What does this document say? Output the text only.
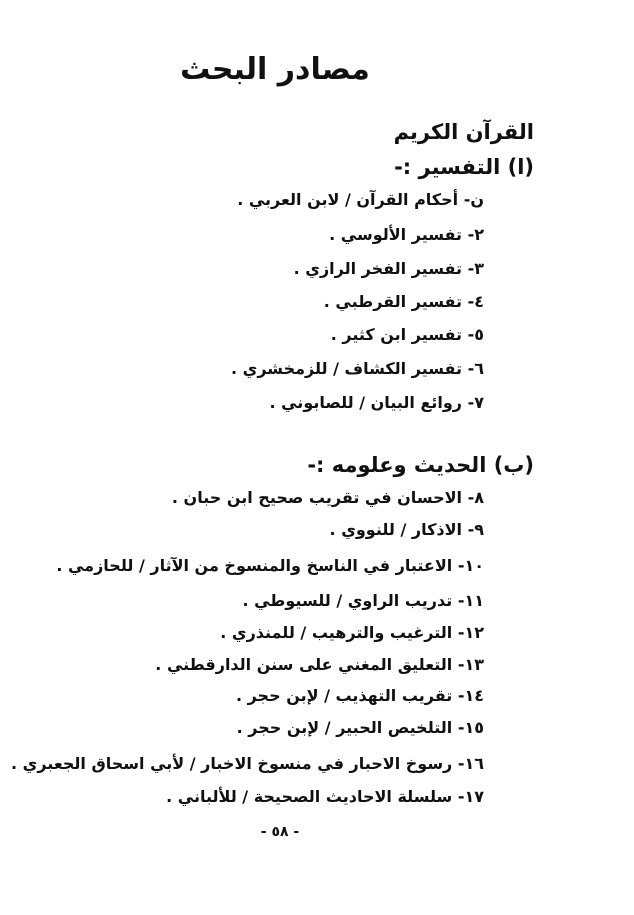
مصادر البحث
القرآن الكريم
(ا) التفسير :-
ن- أحكام القرآن / لابن العربي .
٢- تفسير الألوسي .
٣- تفسير الفخر الرازي .
٤- تفسير القرطبي .
٥- تفسير ابن كثير .
٦- تفسير الكشاف / للزمخشري .
٧- روائع البيان / للصابوني .
(ب) الحديث وعلومه :-
٨- الاحسان في تقريب صحيح ابن حبان .
٩- الاذكار / للنووي .
١٠- الاعتبار في الناسخ والمنسوخ من الآثار / للحازمي .
١١- تدريب الراوي / للسيوطي .
١٢- الترغيب والترهيب / للمنذري .
١٣- التعليق المغني على سنن الدارقطني .
١٤- تقريب التهذيب / لإبن حجر .
١٥- التلخيص الحبير / لإبن حجر .
١٦- رسوخ الاحبار في منسوخ الاخبار / لأبي اسحاق الجعبري .
١٧- سلسلة الاحاديث الصحيحة / للألباني .
- ٥٨ -
